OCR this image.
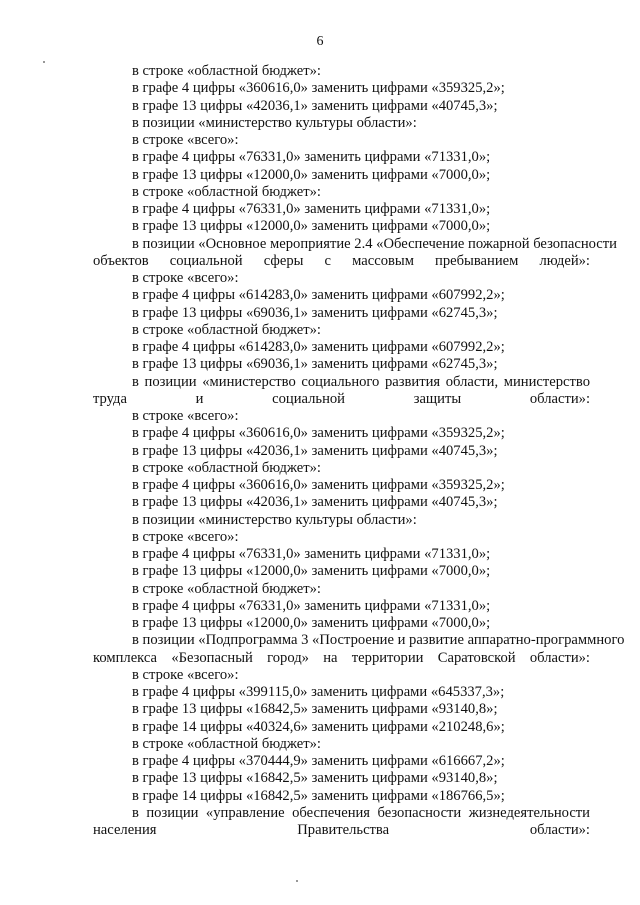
6
в строке «областной бюджет»:
в графе 4 цифры «360616,0» заменить цифрами «359325,2»;
в графе 13 цифры «42036,1» заменить цифрами «40745,3»;
в позиции «министерство культуры области»:
в строке «всего»:
в графе 4 цифры «76331,0» заменить цифрами «71331,0»;
в графе 13 цифры «12000,0» заменить цифрами «7000,0»;
в строке «областной бюджет»:
в графе 4 цифры «76331,0» заменить цифрами «71331,0»;
в графе 13 цифры «12000,0» заменить цифрами «7000,0»;
в позиции «Основное мероприятие 2.4 «Обеспечение пожарной безопасности
объектов социальной сферы с массовым пребыванием людей»:
в строке «всего»:
в графе 4 цифры «614283,0» заменить цифрами «607992,2»;
в графе 13 цифры «69036,1» заменить цифрами «62745,3»;
в строке «областной бюджет»:
в графе 4 цифры «614283,0» заменить цифрами «607992,2»;
в графе 13 цифры «69036,1» заменить цифрами «62745,3»;
в позиции «министерство социального развития области, министерство
труда и социальной защиты области»:
в строке «всего»:
в графе 4 цифры «360616,0» заменить цифрами «359325,2»;
в графе 13 цифры «42036,1» заменить цифрами «40745,3»;
в строке «областной бюджет»:
в графе 4 цифры «360616,0» заменить цифрами «359325,2»;
в графе 13 цифры «42036,1» заменить цифрами «40745,3»;
в позиции «министерство культуры области»:
в строке «всего»:
в графе 4 цифры «76331,0» заменить цифрами «71331,0»;
в графе 13 цифры «12000,0» заменить цифрами «7000,0»;
в строке «областной бюджет»:
в графе 4 цифры «76331,0» заменить цифрами «71331,0»;
в графе 13 цифры «12000,0» заменить цифрами «7000,0»;
в позиции «Подпрограмма 3 «Построение и развитие аппаратно-программного
комплекса «Безопасный город» на территории Саратовской области»:
в строке «всего»:
в графе 4 цифры «399115,0» заменить цифрами «645337,3»;
в графе 13 цифры «16842,5» заменить цифрами «93140,8»;
в графе 14 цифры «40324,6» заменить цифрами «210248,6»;
в строке «областной бюджет»:
в графе 4 цифры «370444,9» заменить цифрами «616667,2»;
в графе 13 цифры «16842,5» заменить цифрами «93140,8»;
в графе 14 цифры «16842,5» заменить цифрами «186766,5»;
в позиции «управление обеспечения безопасности жизнедеятельности
населения Правительства области»:
